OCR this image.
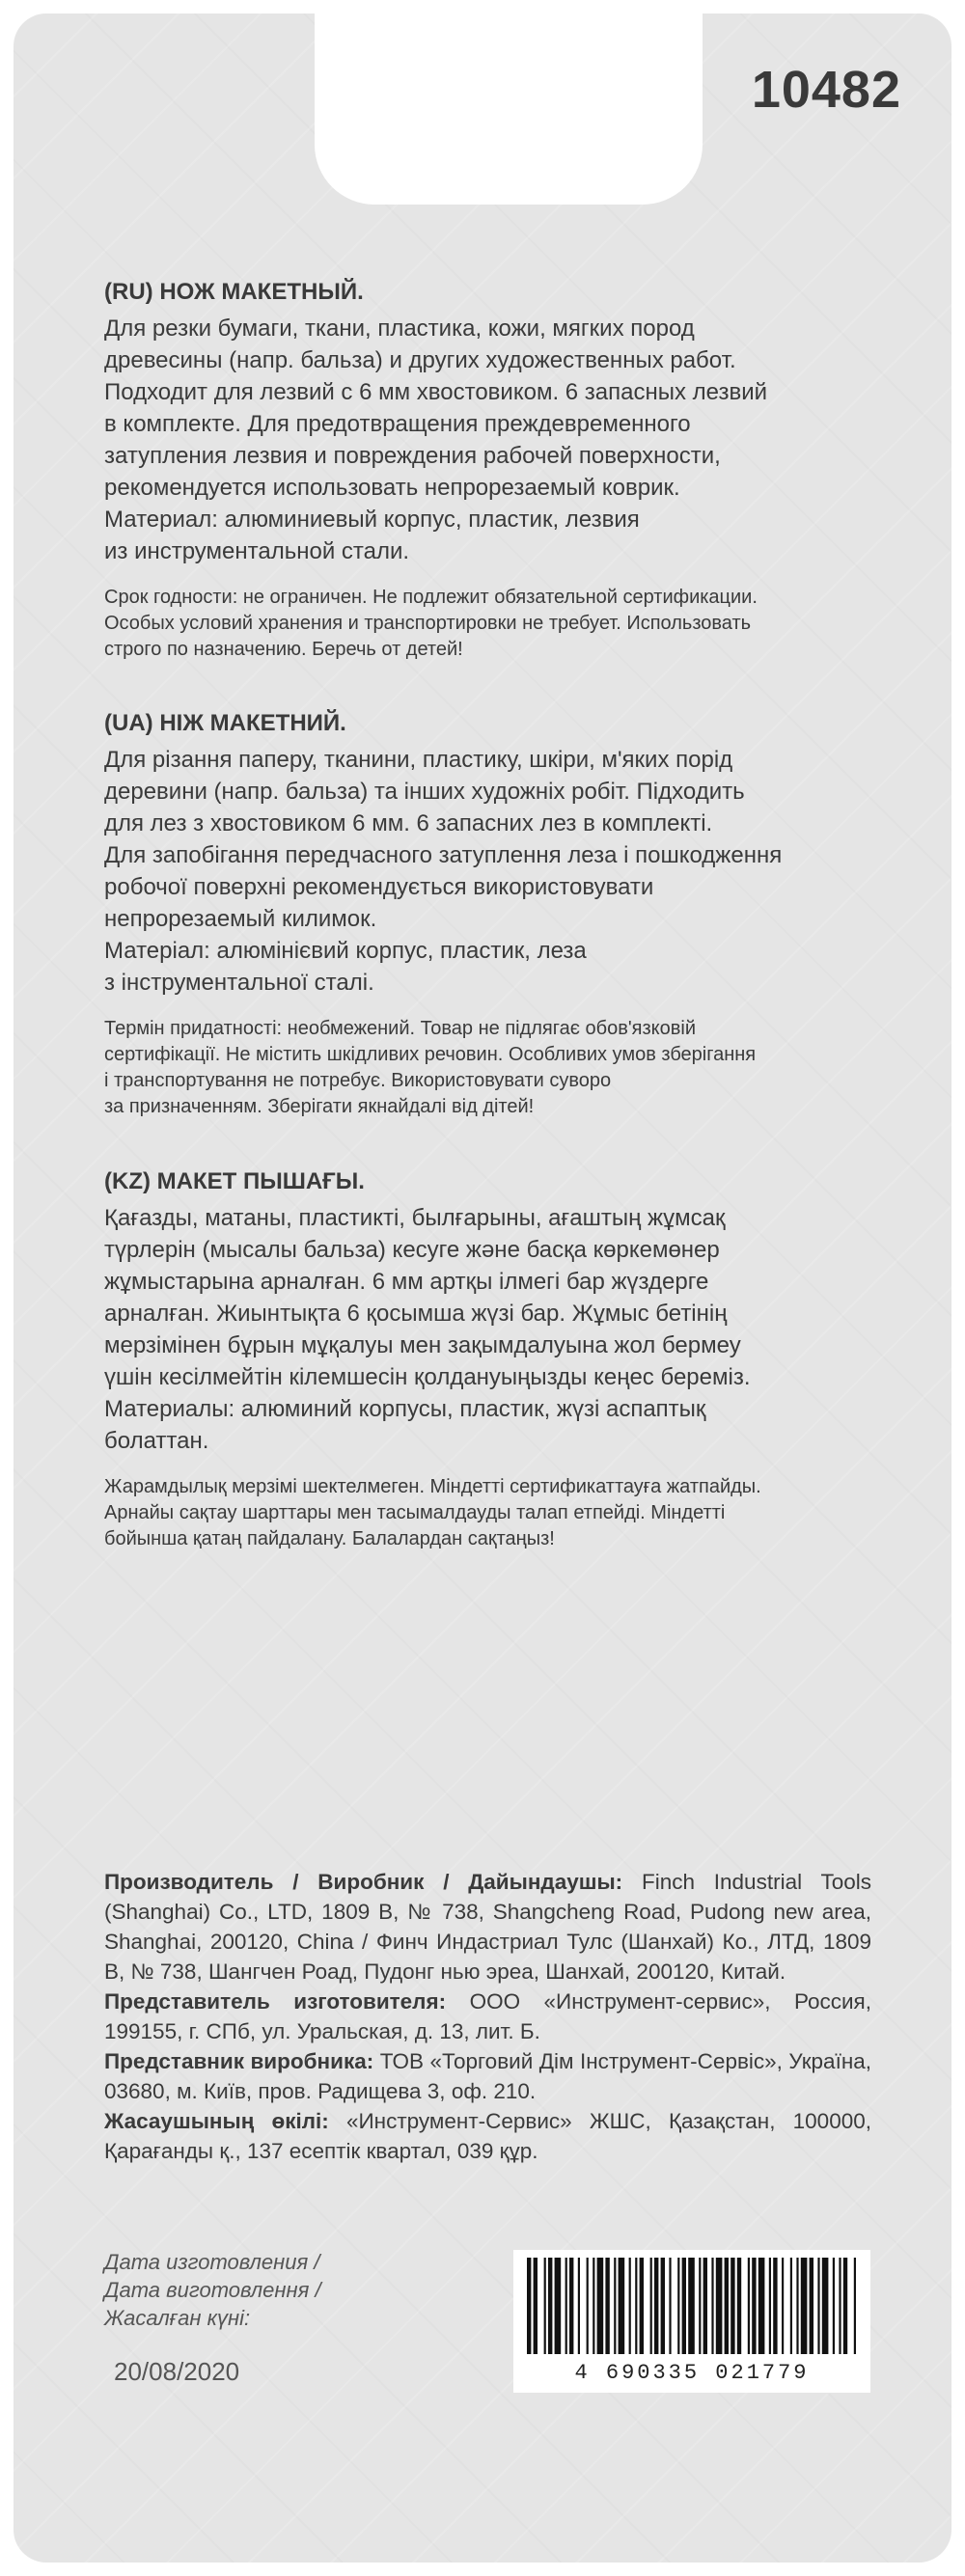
10482

(RU) НОЖ МАКЕТНЫЙ.

Для резки бумаги, ткани, пластика, кожи, мягких пород
древесины (напр. бальза) и других художественных работ.
Подходит для лезвий с 6 мм хвостовиком. 6 запасных лезвий
в комплекте. Для предотвращения преждевременного
затупления лезвия и повреждения рабочей поверхности,
рекомендуется использовать непрорезаемый коврик.
Материал: алюминиевый корпус, пластик, лезвия
из инструментальной стали.

Срок годности: не ограничен. Не подлежит обязательной сертификации.
Особых условий хранения и транспортировки не требует. Использовать
строго по назначению. Беречь от детей!

(UA) НІЖ МАКЕТНИЙ.

Для різання паперу, тканини, пластику, шкіри, м'яких порід
деревини (напр. бальза) та інших художніх робіт. Підходить
для лез з хвостовиком 6 мм. 6 запасних лез в комплекті.
Для запобігання передчасного затуплення леза і пошкодження
робочої поверхні рекомендується використовувати
непрорезаемый килимок.
Матеріал: алюмінієвий корпус, пластик, леза
з інструментальної сталі.

Термін придатності: необмежений. Товар не підлягає обов'язковій
сертифікації. Не містить шкідливих речовин. Особливих умов зберігання
і транспортування не потребує. Використовувати суворо
за призначенням. Зберігати якнайдалі від дітей!

(KZ) МАКЕТ ПЫШАҒЫ.

Қағазды, матаны, пластикті, былғарыны, ағаштың жұмсақ
түрлерін (мысалы бальза) кесуге және басқа көркемөнер
жұмыстарына арналған. 6 мм артқы ілмегі бар жүздерге
арналған. Жиынтықта 6 қосымша жүзі бар. Жұмыс бетінің
мерзімінен бұрын мұқалуы мен зақымдалуына жол бермеу
үшін кесілмейтін кілемшесін қолдануыңызды кеңес береміз.
Материалы: алюминий корпусы, пластик, жүзі аспаптық
болаттан.

Жарамдылық мерзімі шектелмеген. Міндетті сертификаттауға жатпайды.
Арнайы сақтау шарттары мен тасымалдауды талап етпейді. Міндетті
бойынша қатаң пайдалану. Балалардан сақтаңыз!

Производитель / Виробник / Дайындаушы: Finch Industrial Tools (Shanghai) Co., LTD, 1809 B, № 738, Shangcheng Road, Pudong new area, Shanghai, 200120, China / Финч Индастриал Тулс (Шанхай) Ко., ЛТД, 1809 B, № 738, Шангчен Роад, Пудонг нью эреа, Шанхай, 200120, Китай.

Представитель изготовителя: ООО «Инструмент-сервис», Россия, 199155, г. СПб, ул. Уральская, д. 13, лит. Б.

Представник виробника: ТОВ «Торговий Дім Інструмент-Сервіс», Україна, 03680, м. Київ, пров. Радищева 3, оф. 210.

Жасаушының өкілі: «Инструмент-Сервис» ЖШС, Қазақстан, 100000, Қарағанды қ., 137 есептік квартал, 039 құр.

Дата изготовления /
Дата виготовлення /
Жасалған күні:
20/08/2020	4 690335 021779
